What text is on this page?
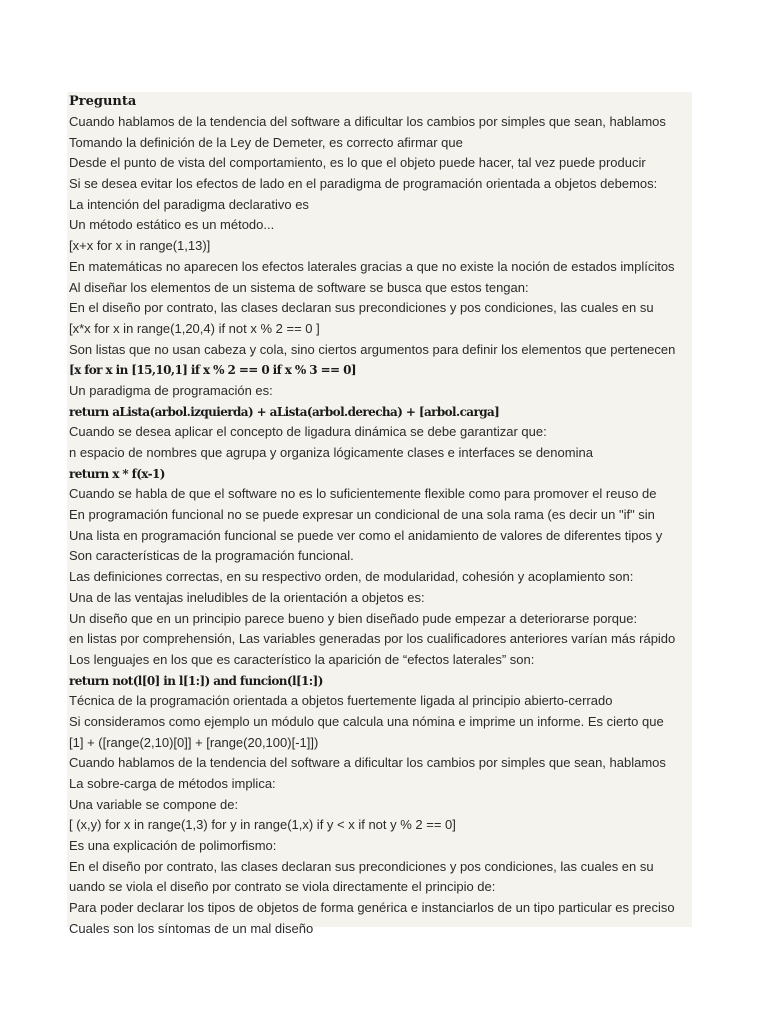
Pregunta
Cuando hablamos de la tendencia del software a dificultar los cambios por simples que sean, hablamos
Tomando la definición de la Ley de Demeter, es correcto afirmar que
Desde el punto de vista del comportamiento, es lo que el objeto puede hacer, tal vez puede producir
Si se desea evitar los efectos de lado en el paradigma de programación orientada a objetos debemos:
La intención del paradigma declarativo es
Un método estático es un método...
[x+x for x in range(1,13)]
En matemáticas no aparecen los efectos laterales gracias a que no existe la noción de estados implícitos
Al diseñar los elementos de un sistema de software se busca que estos tengan:
En el diseño por contrato, las clases declaran sus precondiciones y pos condiciones, las cuales en su
[x*x for x in range(1,20,4) if not x % 2 == 0 ]
Son listas que no usan cabeza y cola, sino ciertos argumentos para definir los elementos que pertenecen
[x for x in [15,10,1] if x % 2 == 0 if x % 3 == 0]
Un paradigma de programación es:
return aLista(arbol.izquierda) + aLista(arbol.derecha) + [arbol.carga]
Cuando se desea aplicar el concepto de ligadura dinámica se debe garantizar que:
n espacio de nombres que agrupa y organiza lógicamente clases e interfaces se denomina
return x * f(x-1)
Cuando se habla de que el software no es lo suficientemente flexible como para promover el reuso de
En programación funcional no se puede expresar un condicional de una sola rama (es decir un "if" sin
Una lista en programación funcional se puede ver como el anidamiento de valores de diferentes tipos y
Son características de la programación funcional.
Las definiciones correctas, en su respectivo orden, de modularidad, cohesión y acoplamiento son:
Una de las ventajas ineludibles de la orientación a objetos es:
Un diseño que en un principio parece bueno y bien diseñado pude empezar a deteriorarse porque:
en listas por comprehensión, Las variables generadas por los cualificadores anteriores varían más rápido
Los lenguajes en los que es característico la aparición de “efectos laterales” son:
return not(l[0] in l[1:]) and funcion(l[1:])
Técnica de la programación orientada a objetos fuertemente ligada al principio abierto-cerrado
Si consideramos como ejemplo un módulo que calcula una nómina e imprime un informe. Es cierto que
[1] + ([range(2,10)[0]] + [range(20,100)[-1]])
Cuando hablamos de la tendencia del software a dificultar los cambios por simples que sean, hablamos
La sobre-carga de métodos implica:
Una variable se compone de:
[ (x,y) for x in range(1,3) for y in range(1,x) if y < x if not y % 2 == 0]
Es una explicación de polimorfismo:
En el diseño por contrato, las clases declaran sus precondiciones y pos condiciones, las cuales en su
uando se viola el diseño por contrato se viola directamente el principio de:
Para poder declarar los tipos de objetos de forma genérica e instanciarlos de un tipo particular es preciso
Cuales son los síntomas de un mal diseño
